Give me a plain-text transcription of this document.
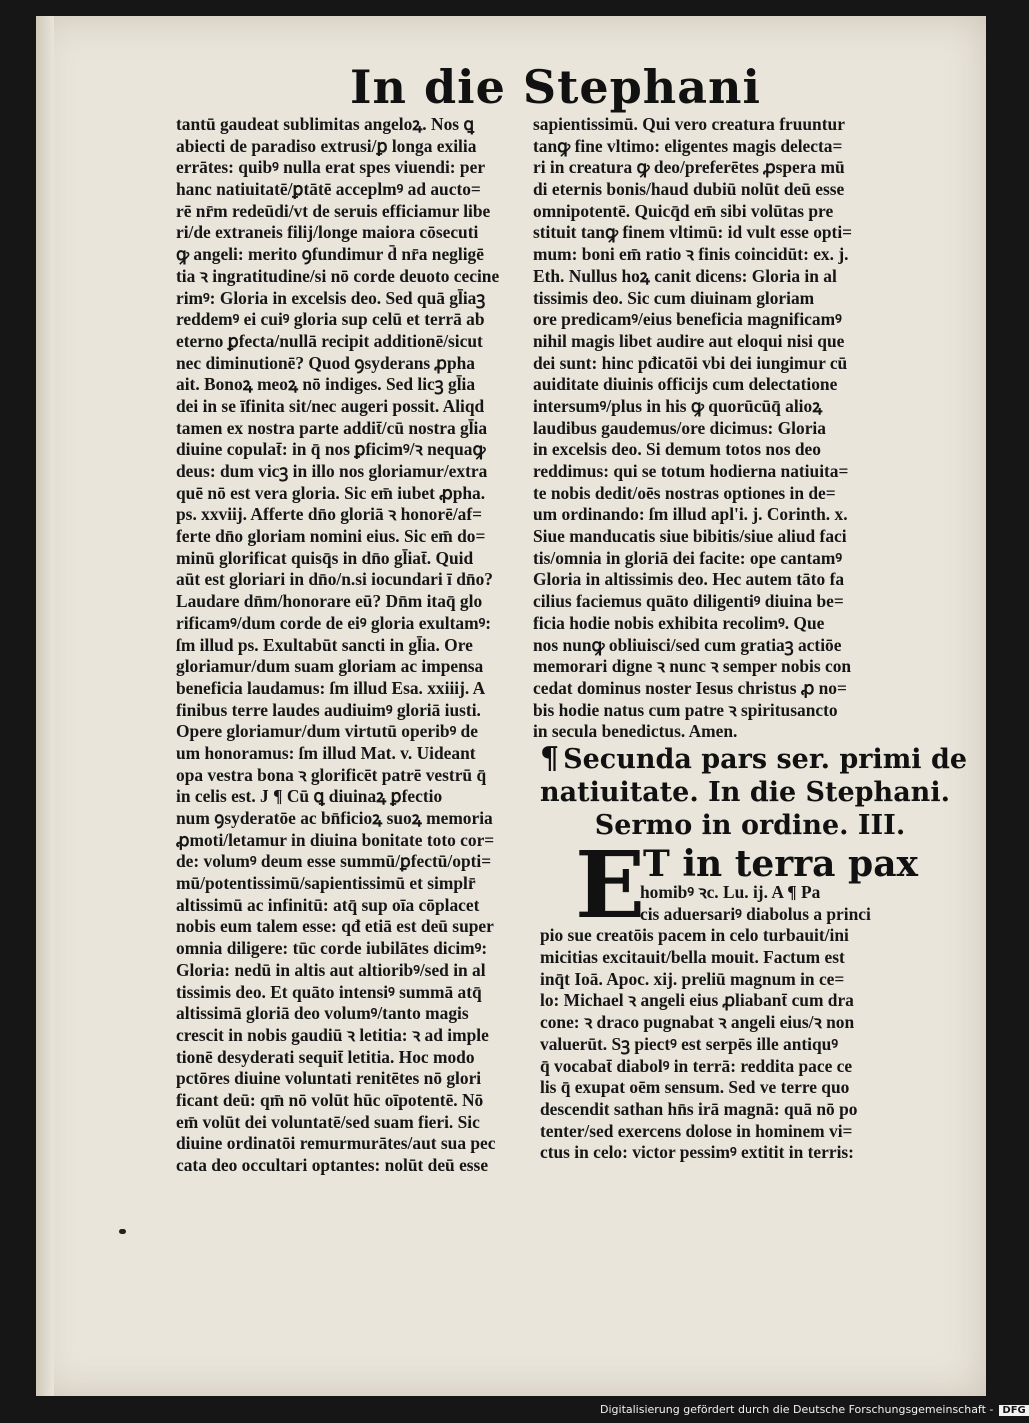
In die Stephani
tantū gaudeat sublimitas angeloꝝ. Nos ꝗ
abiecti de paradiso extrusi/ꝑ longa exilia
errātes: quibꝰ nulla erat spes viuendi: per
hanc natiuitatē/ꝑtātē acceplmꝰ ad aucto=
rē nr̄m redeūdi/vt de seruis efficiamur libe
ri/de extraneis filij/longe maiora cōsecuti
ꝙ angeli: merito ꝯfundimur d̄ nr̄a negligē
tia ꝛ ingratitudine/si nō corde deuoto cecine
rimꝰ: Gloria in excelsis deo. Sed quā gl̄iaꝫ
reddemꝰ ei cuiꝰ gloria sup celū et terrā ab
eterno ꝑfecta/nullā recipit additionē/sicut
nec diminutionē? Quod ꝯsyderans ꝓpha
ait. Bonoꝝ meoꝝ nō indiges. Sed licꝫ gl̄ia
dei in se īfinita sit/nec augeri possit. Aliqd
tamen ex nostra parte addit̄/cū nostra gl̄ia
diuine copulat̄: in q̄ nos ꝑficimꝰ/ꝛ nequaꝙ
deus: dum vicꝫ in illo nos gloriamur/extra
quē nō est vera gloria. Sic em̄ iubet ꝓpha.
ps. xxviij. Afferte dn̄o gloriā ꝛ honorē/af=
ferte dn̄o gloriam nomini eius. Sic em̄ do=
minū glorificat quisq̄s in dn̄o gl̄iat̄. Quid
aūt est gloriari in dn̄o/n.si iocundari ī dn̄o?
Laudare dn̄m/honorare eū? Dn̄m itaq̄ glo
rificamꝰ/dum corde de eiꝰ gloria exultamꝰ:
ſm illud ps. Exultabūt sancti in gl̄ia. Ore
gloriamur/dum suam gloriam ac impensa
beneficia laudamus: ſm illud Esa. xxiiij. A
finibus terre laudes audiuimꝰ gloriā iusti.
Opere gloriamur/dum virtutū operibꝰ de
um honoramus: ſm illud Mat. v. Uideant
opa vestra bona ꝛ glorificēt patrē vestrū q̄
in celis est. J ¶ Cū ꝗ diuinaꝝ ꝑfectio
num ꝯsyderatōe ac bn̄ficioꝝ suoꝝ memoria
ꝓmoti/letamur in diuina bonitate toto cor=
de: volumꝰ deum esse summū/ꝑfectū/opti=
mū/potentissimū/sapientissimū et simplr̄
altissimū ac infinitū: atq̄ sup oīa cōplacet
nobis eum talem esse: qđ etiā est deū super
omnia diligere: tūc corde iubilātes dicimꝰ:
Gloria: nedū in altis aut altioribꝰ/sed in al
tissimis deo. Et quāto intensiꝰ summā atq̄
altissimā gloriā deo volumꝰ/tanto magis
crescit in nobis gaudiū ꝛ letitia: ꝛ ad imple
tionē desyderati sequit̄ letitia. Hoc modo
pctōres diuine voluntati renitētes nō glori
ficant deū: qm̄ nō volūt hūc oīpotentē. Nō
em̄ volūt dei voluntatē/sed suam fieri. Sic
diuine ordinatōi remurmurātes/aut sua pec
cata deo occultari optantes: nolūt deū esse
sapientissimū. Qui vero creatura fruuntur
tanꝙ fine vltimo: eligentes magis delecta=
ri in creatura ꝙ deo/preferētes ꝓspera mū
di eternis bonis/haud dubiū nolūt deū esse
omnipotentē. Quicq̄d em̄ sibi volūtas pre
stituit tanꝙ finem vltimū: id vult esse opti=
mum: boni em̄ ratio ꝛ finis coincidūt: ex. j.
Eth. Nullus hoꝝ canit dicens: Gloria in al
tissimis deo. Sic cum diuinam gloriam
ore predicamꝰ/eius beneficia magnificamꝰ
nihil magis libet audire aut eloqui nisi que
dei sunt: hinc pđicatōi vbi dei iungimur cū
auiditate diuinis officijs cum delectatione
intersumꝰ/plus in his ꝙ quorūcūq̄ alioꝝ
laudibus gaudemus/ore dicimus: Gloria
in excelsis deo. Si demum totos nos deo
reddimus: qui se totum hodierna natiuita=
te nobis dedit/oēs nostras optiones in de=
um ordinando: ſm illud apl'i. j. Corinth. x.
Siue manducatis siue bibitis/siue aliud faci
tis/omnia in gloriā dei facite: ope cantamꝰ
Gloria in altissimis deo. Hec autem tāto fa
cilius faciemus quāto diligentiꝰ diuina be=
ficia hodie nobis exhibita recolimꝰ. Que
nos nunꝙ obliuisci/sed cum gratiaꝫ actiōe
memorari digne ꝛ nunc ꝛ semper nobis con
cedat dominus noster Iesus christus ꝓ no=
bis hodie natus cum patre ꝛ spiritusancto
in secula benedictus. Amen.
¶ Secunda pars ser. primi de
natiuitate. In die Stephani.
Sermo in ordine. III.
E
T in terra pax
homibꝰ ꝛc. Lu. ij. A ¶ Pa
cis aduersariꝰ diabolus a princi
pio sue creatōis pacem in celo turbauit/ini
micitias excitauit/bella mouit. Factum est
inq̄t Ioā. Apoc. xij. preliū magnum in ce=
lo: Michael ꝛ angeli eius ꝓliabant̄ cum dra
cone: ꝛ draco pugnabat ꝛ angeli eius/ꝛ non
valuerūt. Sꝫ piectꝰ est serpēs ille antiquꝰ
q̄ vocabat̄ diabolꝰ in terrā: reddita pace ce
lis q̄ exupat oēm sensum. Sed ve terre quo
descendit sathan hn̄s irā magnā: quā nō po
tenter/sed exercens dolose in hominem vi=
ctus in celo: victor pessimꝰ extitit in terris:
Digitalisierung gefördert durch die Deutsche Forschungsgemeinschaft - DFG
